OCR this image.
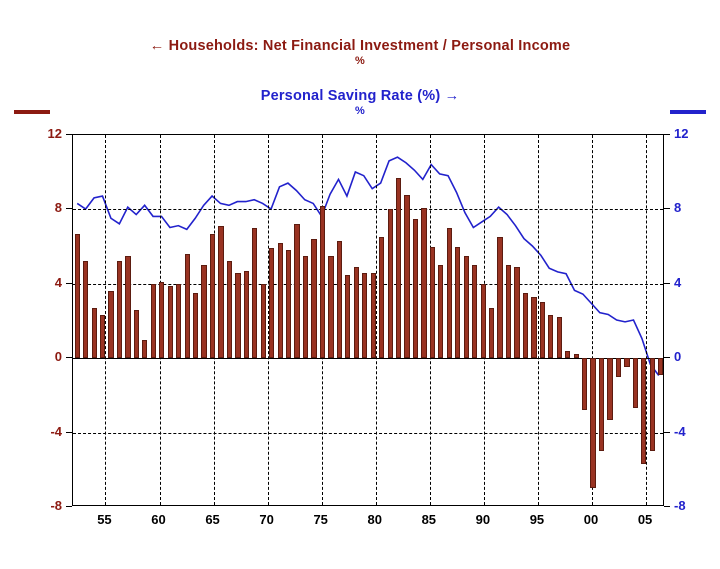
← Households: Net Financial Investment / Personal Income
%
Personal Saving Rate (%) →
%
55	60	65	70	75	80	85	90	95	00	05
-8	-8
-4	-4
0	0
4	4
8	8
12	12
